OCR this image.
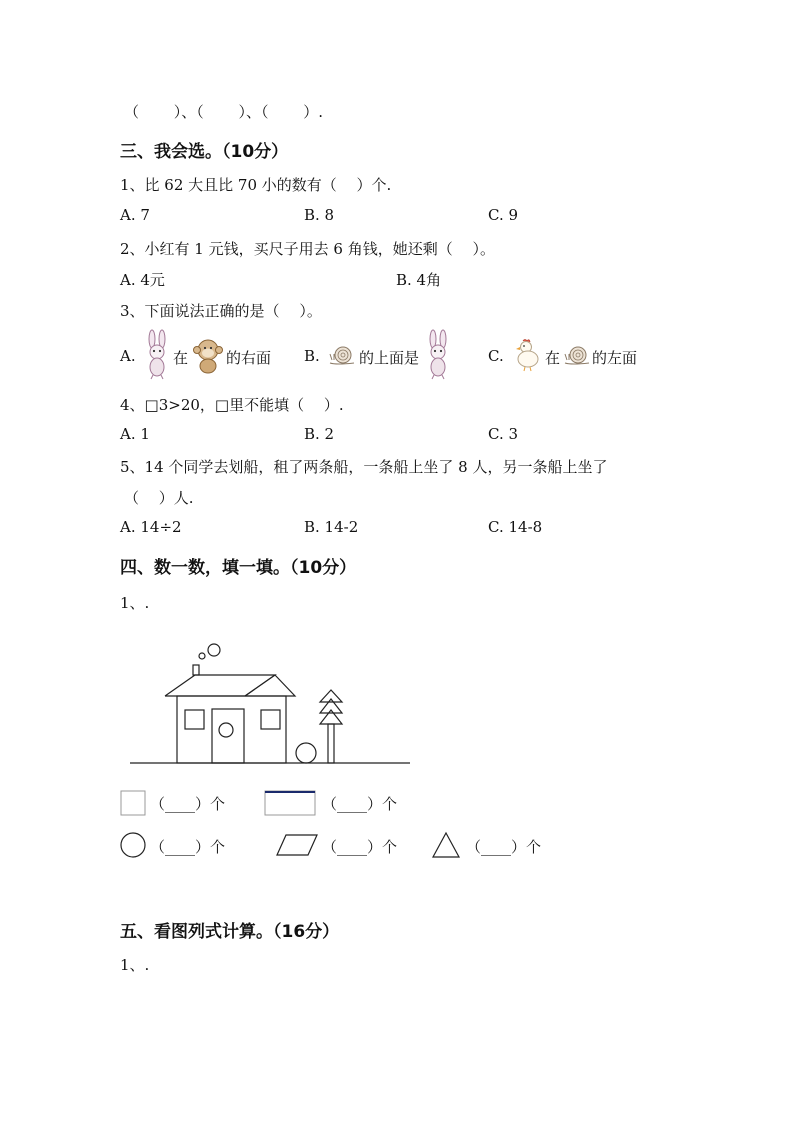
（　　 ）、（　　 ）、（　　 ）.
三、我会选。（10分）
1、比 62 大且比 70 小的数有（　 ）个.
A. 7	B. 8	C. 9
2、小红有 1 元钱，买尺子用去 6 角钱，她还剩（　 ）。
A. 4元	B. 4角
3、下面说法正确的是（　 ）。
A. 在	的右面 B.	的上面是	C.	在 的左面
4、□3>20，□里不能填（　 ）.
A. 1	B. 2	C. 3
5、14 个同学去划船，租了两条船，一条船上坐了 8 人，另一条船上坐了
（　 ）人.
A. 14÷2	B. 14-2	C. 14-8
四、数一数，填一填。（10分）
1、.
（____）个	（____）个
（____）个	（____）个	（____）个
五、看图列式计算。（16分）
1、.
